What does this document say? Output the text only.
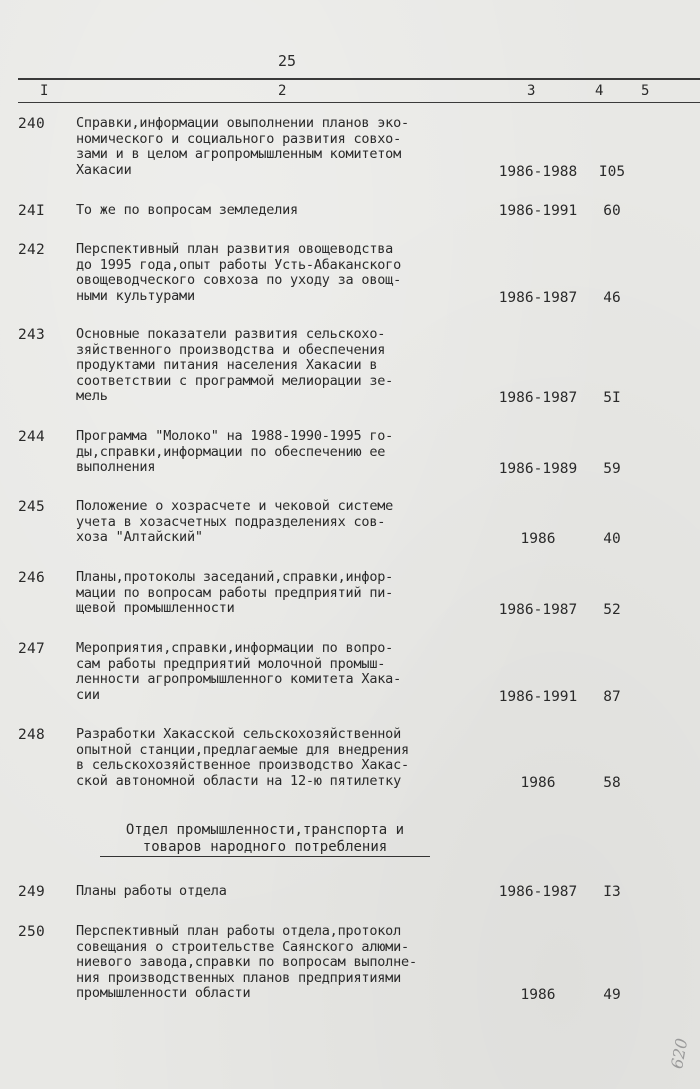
25
I	2	3	4	5
240 Справки,информации овыполнении планов эко-
номического и социального развития совхо-
зами и в целом агропромышленным комитетом
Хакасии	1986-1988	I05
24I То же по вопросам земледелия	1986-1991	60
242 Перспективный план развития овощеводства
до 1995 года,опыт работы Усть-Абаканского
овощеводческого совхоза по уходу за овощ-
ными культурами	1986-1987	46
243 Основные показатели развития сельскохо-
зяйственного производства и обеспечения
продуктами питания населения Хакасии в
соответствии с программой мелиорации зе-
мель	1986-1987	5I
244 Программа "Молоко" на 1988-1990-1995 го-
ды,справки,информации по обеспечению ее
выполнения	1986-1989	59
245 Положение о хозрасчете и чековой системе
учета в хозасчетных подразделениях сов-
хоза "Алтайский"	1986	40
246 Планы,протоколы заседаний,справки,инфор-
мации по вопросам работы предприятий пи-
щевой промышленности	1986-1987	52
247 Мероприятия,справки,информации по вопро-
сам работы предприятий молочной промыш-
ленности агропромышленного комитета Хака-
сии	1986-1991	87
248 Разработки Хакасской сельскохозяйственной
опытной станции,предлагаемые для внедрения
в сельскохозяйственное производство Хакас-
ской автономной области на 12-ю пятилетку	1986	58
Отдел промышленности,транспорта и
товаров народного потребления
249 Планы работы отдела	1986-1987	I3
250 Перспективный план работы отдела,протокол
совещания о строительстве Саянского алюми-
ниевого завода,справки по вопросам выполне-
ния производственных планов предприятиями
промышленности области	1986	49
620
